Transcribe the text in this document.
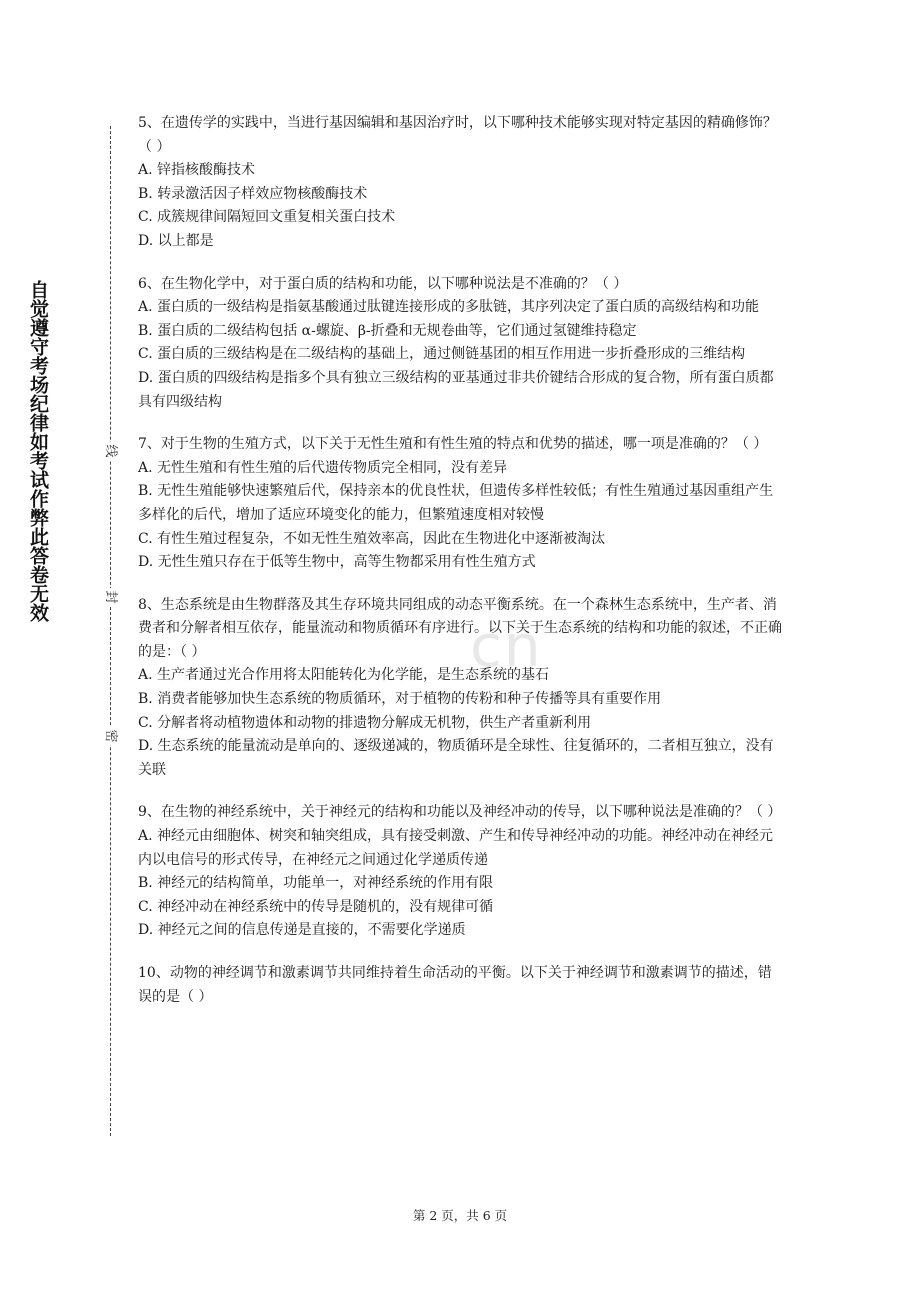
自觉遵守考场纪律如考试作弊此答卷无效	线
封
密
cn

5、在遗传学的实践中，当进行基因编辑和基因治疗时，以下哪种技术能够实现对特定基因的精确修饰？（ ）

A. 锌指核酸酶技术

B. 转录激活因子样效应物核酸酶技术

C. 成簇规律间隔短回文重复相关蛋白技术

D. 以上都是

6、在生物化学中，对于蛋白质的结构和功能，以下哪种说法是不准确的？（ ）

A. 蛋白质的一级结构是指氨基酸通过肽键连接形成的多肽链，其序列决定了蛋白质的高级结构和功能

B. 蛋白质的二级结构包括 α-螺旋、β-折叠和无规卷曲等，它们通过氢键维持稳定

C. 蛋白质的三级结构是在二级结构的基础上，通过侧链基团的相互作用进一步折叠形成的三维结构

D. 蛋白质的四级结构是指多个具有独立三级结构的亚基通过非共价键结合形成的复合物，所有蛋白质都具有四级结构

7、对于生物的生殖方式，以下关于无性生殖和有性生殖的特点和优势的描述，哪一项是准确的？（ ）

A. 无性生殖和有性生殖的后代遗传物质完全相同，没有差异

B. 无性生殖能够快速繁殖后代，保持亲本的优良性状，但遗传多样性较低；有性生殖通过基因重组产生多样化的后代，增加了适应环境变化的能力，但繁殖速度相对较慢

C. 有性生殖过程复杂，不如无性生殖效率高，因此在生物进化中逐渐被淘汰

D. 无性生殖只存在于低等生物中，高等生物都采用有性生殖方式

8、生态系统是由生物群落及其生存环境共同组成的动态平衡系统。在一个森林生态系统中，生产者、消费者和分解者相互依存，能量流动和物质循环有序进行。以下关于生态系统的结构和功能的叙述，不正确的是：（ ）

A. 生产者通过光合作用将太阳能转化为化学能，是生态系统的基石

B. 消费者能够加快生态系统的物质循环，对于植物的传粉和种子传播等具有重要作用

C. 分解者将动植物遗体和动物的排遗物分解成无机物，供生产者重新利用

D. 生态系统的能量流动是单向的、逐级递减的，物质循环是全球性、往复循环的，二者相互独立，没有关联

9、在生物的神经系统中，关于神经元的结构和功能以及神经冲动的传导，以下哪种说法是准确的？（ ）

A. 神经元由细胞体、树突和轴突组成，具有接受刺激、产生和传导神经冲动的功能。神经冲动在神经元内以电信号的形式传导，在神经元之间通过化学递质传递

B. 神经元的结构简单，功能单一，对神经系统的作用有限

C. 神经冲动在神经系统中的传导是随机的，没有规律可循

D. 神经元之间的信息传递是直接的，不需要化学递质

10、动物的神经调节和激素调节共同维持着生命活动的平衡。以下关于神经调节和激素调节的描述，错误的是（ ）

第 2 页，共 6 页
